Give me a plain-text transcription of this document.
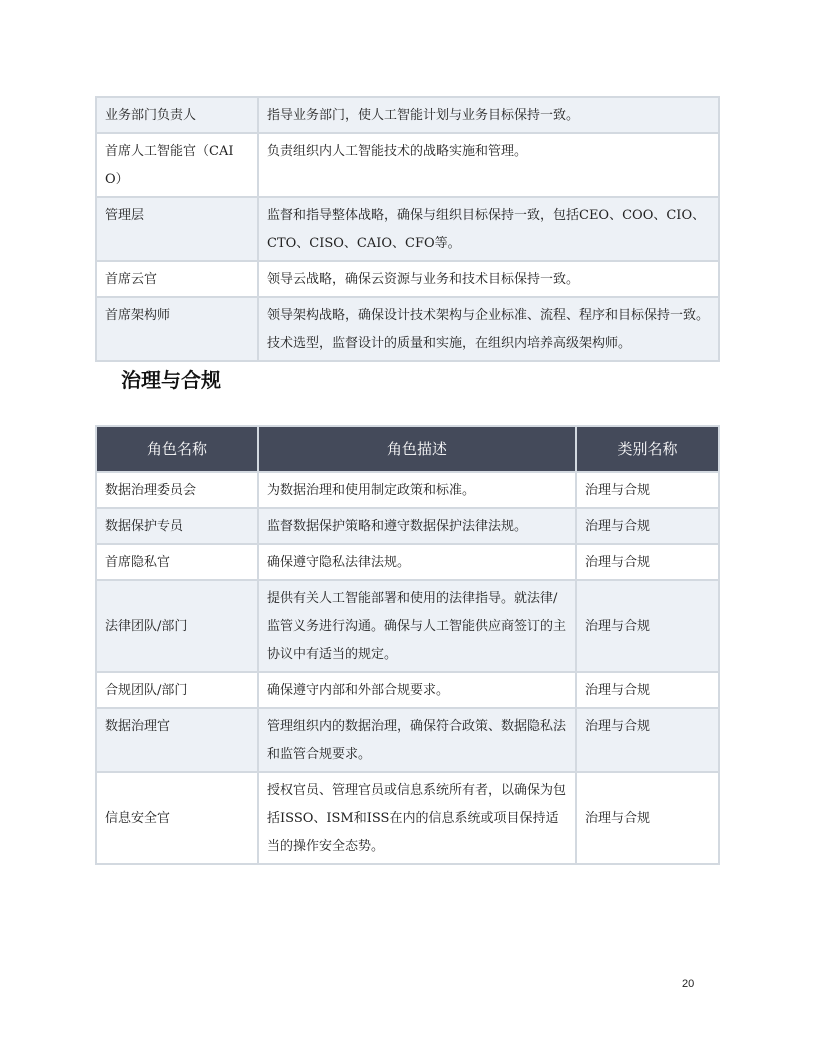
业务部门负责人	指导业务部门，使人工智能计划与业务目标保持一致。
首席人工智能官（CAIO）	负责组织内人工智能技术的战略实施和管理。
管理层	监督和指导整体战略，确保与组织目标保持一致，包括CEO、COO、CIO、CTO、CISO、CAIO、CFO等。
首席云官	领导云战略，确保云资源与业务和技术目标保持一致。
首席架构师	领导架构战略，确保设计技术架构与企业标准、流程、程序和目标保持一致。技术选型，监督设计的质量和实施，在组织内培养高级架构师。
治理与合规
角色名称	角色描述	类别名称
数据治理委员会	为数据治理和使用制定政策和标准。	治理与合规
数据保护专员	监督数据保护策略和遵守数据保护法律法规。	治理与合规
首席隐私官	确保遵守隐私法律法规。	治理与合规
法律团队/部门	提供有关人工智能部署和使用的法律指导。就法律/监管义务进行沟通。确保与人工智能供应商签订的主协议中有适当的规定。	治理与合规
合规团队/部门	确保遵守内部和外部合规要求。	治理与合规
数据治理官	管理组织内的数据治理，确保符合政策、数据隐私法和监管合规要求。	治理与合规
信息安全官	授权官员、管理官员或信息系统所有者，以确保为包括ISSO、ISM和ISS在内的信息系统或项目保持适当的操作安全态势。	治理与合规
20
